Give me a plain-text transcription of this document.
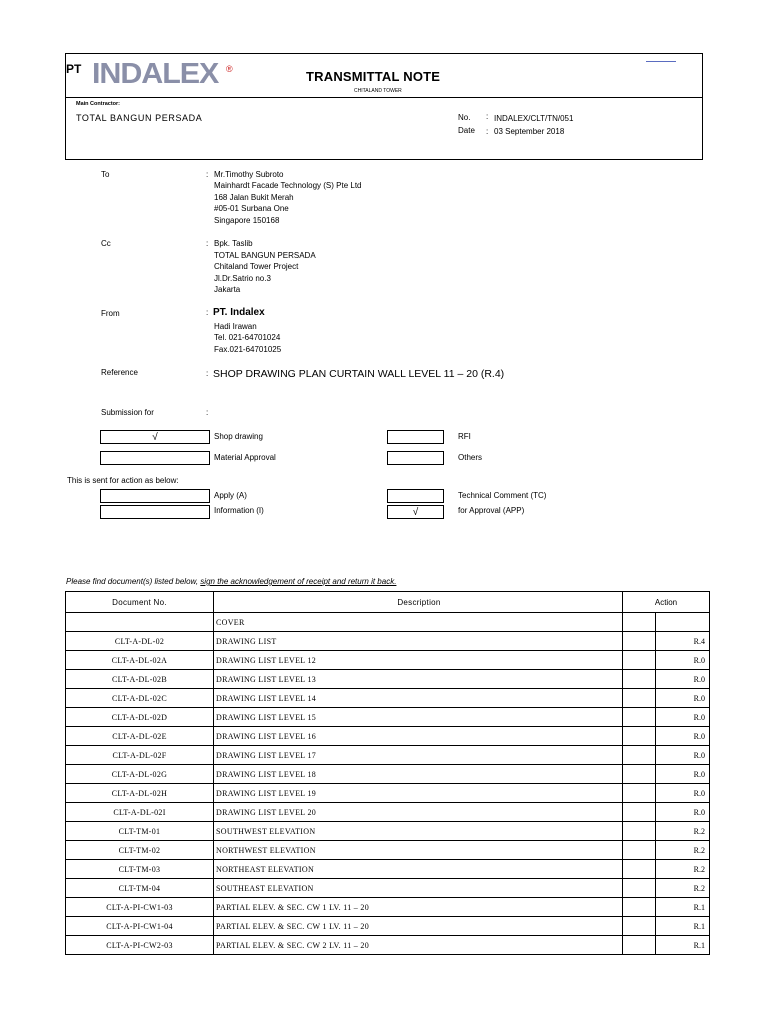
PT INDALEX ®	TRANSMITTAL NOTE
CHITALAND TOWER
Main Contractor:
TOTAL BANGUN PERSADA	No. : INDALEX/CLT/TN/051
Date : 03 September 2018
To	: Mr.Timothy Subroto
Mainhardt Facade Technology (S) Pte Ltd
168 Jalan Bukit Merah
#05-01 Surbana One
Singapore 150168
Cc	: Bpk. Taslib
TOTAL BANGUN PERSADA
Chitaland Tower Project
Jl.Dr.Satrio no.3
Jakarta
From	: PT. Indalex
Hadi Irawan
Tel. 021-64701024
Fax.021-64701025
Reference	: SHOP DRAWING PLAN CURTAIN WALL LEVEL 11 – 20 (R.4)
Submission for	:
√	Shop drawing	RFI
Material Approval	Others
This is sent for action as below:
Apply (A)	Technical Comment (TC)
Information (I)	√	for Approval (APP)
Please find document(s) listed below, sign the acknowledgement of receipt and return it back.
Document No.	Description	Action	
	COVER		
CLT-A-DL-02	DRAWING LIST		R.4
CLT-A-DL-02A	DRAWING LIST LEVEL 12		R.0
CLT-A-DL-02B	DRAWING LIST LEVEL 13		R.0
CLT-A-DL-02C	DRAWING LIST LEVEL 14		R.0
CLT-A-DL-02D	DRAWING LIST LEVEL 15		R.0
CLT-A-DL-02E	DRAWING LIST LEVEL 16		R.0
CLT-A-DL-02F	DRAWING LIST LEVEL 17		R.0
CLT-A-DL-02G	DRAWING LIST LEVEL 18		R.0
CLT-A-DL-02H	DRAWING LIST LEVEL 19		R.0
CLT-A-DL-02I	DRAWING LIST LEVEL 20		R.0
CLT-TM-01	SOUTHWEST ELEVATION		R.2
CLT-TM-02	NORTHWEST ELEVATION		R.2
CLT-TM-03	NORTHEAST ELEVATION		R.2
CLT-TM-04	SOUTHEAST ELEVATION		R.2
CLT-A-PI-CW1-03	PARTIAL ELEV. & SEC. CW 1 LV. 11 – 20		R.1
CLT-A-PI-CW1-04	PARTIAL ELEV. & SEC. CW 1 LV. 11 – 20		R.1
CLT-A-PI-CW2-03	PARTIAL ELEV. & SEC. CW 2 LV. 11 – 20		R.1
